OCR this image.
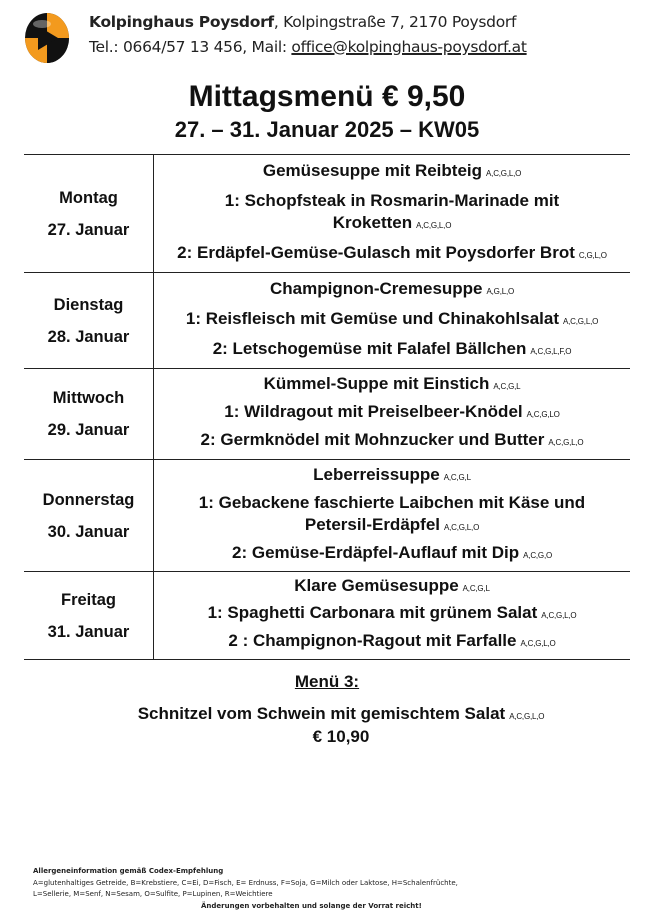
Kolpinghaus Poysdorf, Kolpingstraße 7, 2170 Poysdorf
Tel.: 0664/57 13 456, Mail: office@kolpinghaus-poysdorf.at
Mittagsmenü € 9,50
27. – 31. Januar 2025 – KW05
Montag
27. Januar
Gemüsesuppe mit Reibteig A,C,G,L,O
1: Schopfsteak in Rosmarin-Marinade mit Kroketten A,C,G,L,O
2: Erdäpfel-Gemüse-Gulasch mit Poysdorfer Brot C,G,L,O
Dienstag
28. Januar
Champignon-Cremesuppe A,G,L,O
1: Reisfleisch mit Gemüse und Chinakohlsalat A,C,G,L,O
2: Letschogemüse mit Falafel Bällchen A,C,G,L,F,O
Mittwoch
29. Januar
Kümmel-Suppe mit Einstich A,C,G,L
1: Wildragout mit Preiselbeer-Knödel A,C,G,LO
2: Germknödel mit Mohnzucker und Butter A,C,G,L,O
Donnerstag
30. Januar
Leberreissuppe A,C,G,L
1: Gebackene faschierte Laibchen mit Käse und Petersil-Erdäpfel A,C,G,L,O
2: Gemüse-Erdäpfel-Auflauf mit Dip A,C,G,O
Freitag
31. Januar
Klare Gemüsesuppe A,C,G,L
1: Spaghetti Carbonara mit grünem Salat A,C,G,L,O
2 : Champignon-Ragout mit Farfalle A,C,G,L,O
Menü 3:
Schnitzel vom Schwein mit gemischtem Salat A,C,G,L,O
€ 10,90
Allergeneinformation gemäß Codex-Empfehlung
A=glutenhaltiges Getreide, B=Krebstiere, C=Ei, D=Fisch, E= Erdnuss, F=Soja, G=Milch oder Laktose, H=Schalenfrüchte,
L=Sellerie, M=Senf, N=Sesam, O=Sulfite, P=Lupinen, R=Weichtiere
Änderungen vorbehalten und solange der Vorrat reicht!
